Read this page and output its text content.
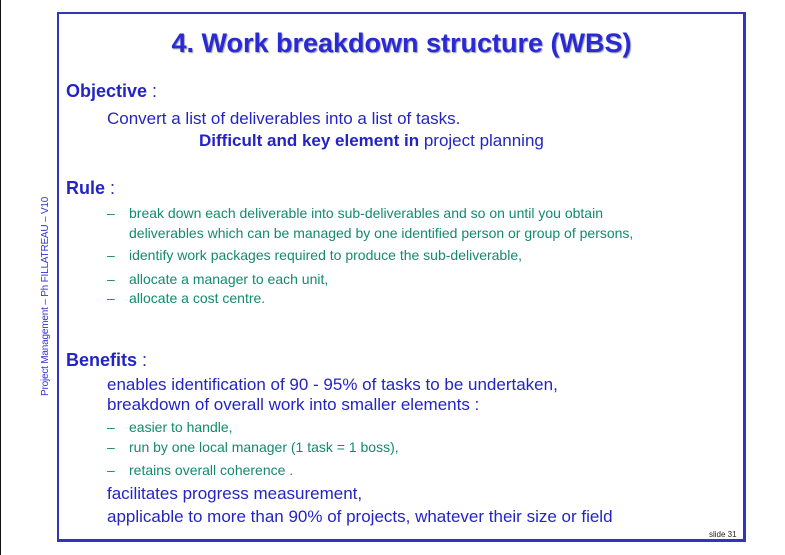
Project Management – Ph FILLATREAU – V10
4. Work breakdown structure (WBS)
Objective :
Convert a list of deliverables into a list of tasks.
Difficult and key element in project planning
Rule :
– break down each deliverable into sub-deliverables and so on until you obtain
deliverables which can be managed by one identified person or group of persons,
– identify work packages required to produce the sub-deliverable,
– allocate a manager to each unit,
– allocate a cost centre.
Benefits :
enables identification of 90 - 95% of tasks to be undertaken,
breakdown of overall work into smaller elements :
– easier to handle,
– run by one local manager (1 task = 1 boss),
– retains overall coherence .
facilitates progress measurement,
applicable to more than 90% of projects, whatever their size or field
slide 31
